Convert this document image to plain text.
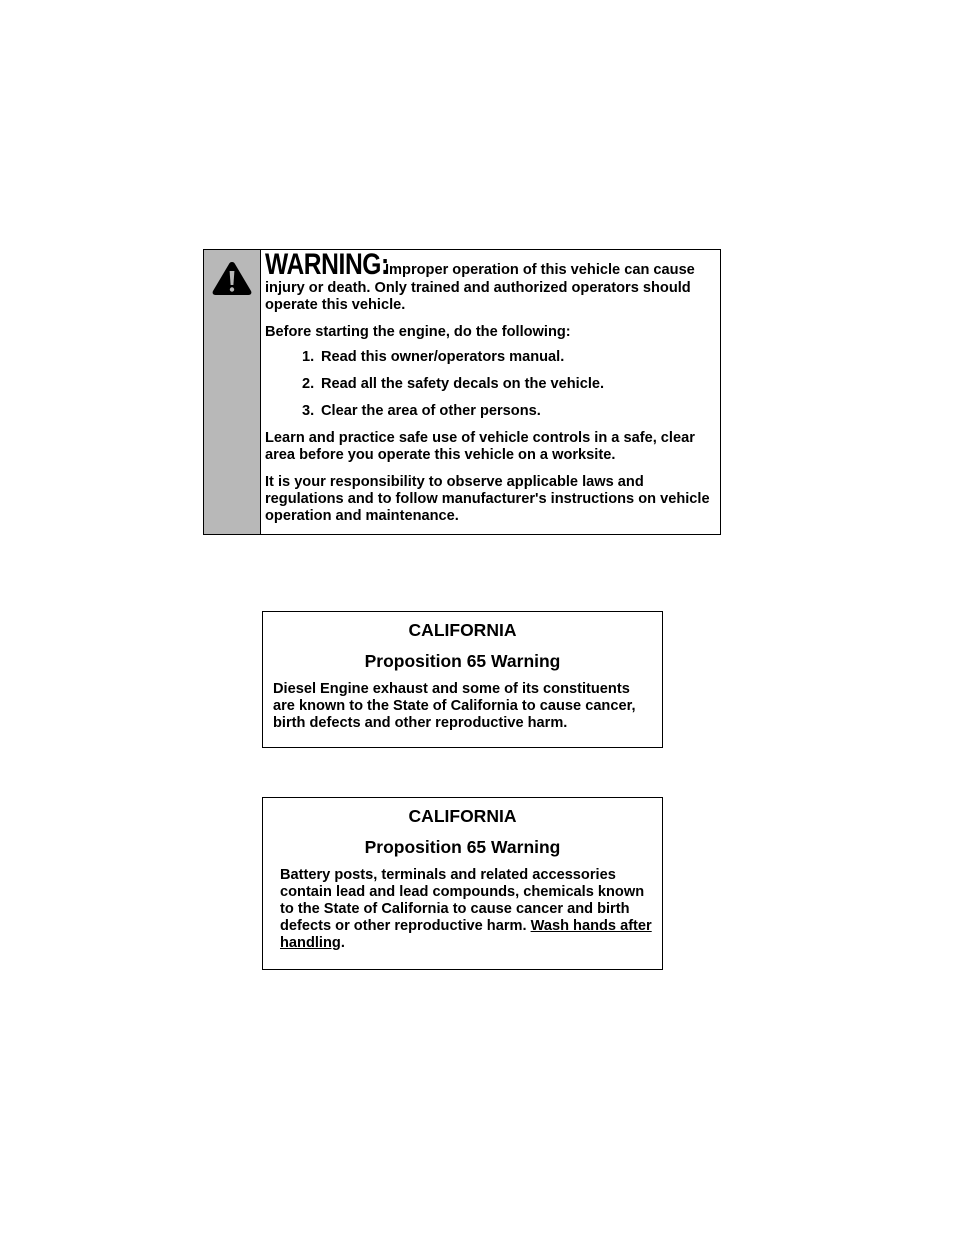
WARNING:Improper operation of this vehicle can cause injury or death. Only trained and authorized operators should operate this vehicle.

Before starting the engine, do the following:

1. Read this owner/operators manual.
2. Read all the safety decals on the vehicle.
3. Clear the area of other persons.

Learn and practice safe use of vehicle controls in a safe, clear area before you operate this vehicle on a worksite.

It is your responsibility to observe applicable laws and regulations and to follow manufacturer's instructions on vehicle operation and maintenance.

CALIFORNIA
Proposition 65 Warning
Diesel Engine exhaust and some of its constituents are known to the State of California to cause cancer, birth defects and other reproductive harm.
CALIFORNIA
Proposition 65 Warning
Battery posts, terminals and related accessories contain lead and lead compounds, chemicals known to the State of California to cause cancer and birth defects or other reproductive harm. Wash hands after handling.
